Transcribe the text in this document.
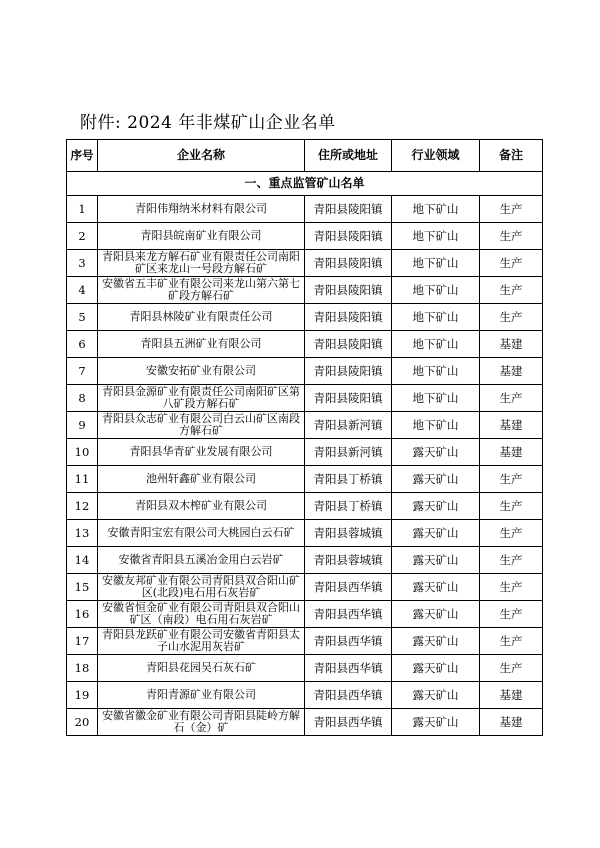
附件: 2024 年非煤矿山企业名单
序号	企业名称	住所或地址	行业领域	备注
一、重点监管矿山名单				
1	青阳伟翔纳米材料有限公司	青阳县陵阳镇	地下矿山	生产
2	青阳县皖南矿业有限公司	青阳县陵阳镇	地下矿山	生产
3	青阳县来龙方解石矿业有限责任公司南阳矿区来龙山一号段方解石矿	青阳县陵阳镇	地下矿山	生产
4	安徽省五丰矿业有限公司来龙山第六第七矿段方解石矿	青阳县陵阳镇	地下矿山	生产
5	青阳县林陵矿业有限责任公司	青阳县陵阳镇	地下矿山	生产
6	青阳县五洲矿业有限公司	青阳县陵阳镇	地下矿山	基建
7	安徽安拓矿业有限公司	青阳县陵阳镇	地下矿山	基建
8	青阳县金源矿业有限责任公司南阳矿区第八矿段方解石矿	青阳县陵阳镇	地下矿山	生产
9	青阳县众志矿业有限公司白云山矿区南段方解石矿	青阳县新河镇	地下矿山	基建
10	青阳县华青矿业发展有限公司	青阳县新河镇	露天矿山	基建
11	池州轩鑫矿业有限公司	青阳县丁桥镇	露天矿山	生产
12	青阳县双木榨矿业有限公司	青阳县丁桥镇	露天矿山	生产
13	安徽青阳宝宏有限公司大桃园白云石矿	青阳县蓉城镇	露天矿山	生产
14	安徽省青阳县五溪冶金用白云岩矿	青阳县蓉城镇	露天矿山	生产
15	安徽友邦矿业有限公司青阳县双合阳山矿区(北段)电石用石灰岩矿	青阳县西华镇	露天矿山	生产
16	安徽省恒金矿业有限公司青阳县双合阳山矿区（南段）电石用石灰岩矿	青阳县西华镇	露天矿山	生产
17	青阳县龙跃矿业有限公司安徽省青阳县太子山水泥用灰岩矿	青阳县西华镇	露天矿山	生产
18	青阳县花园吴石灰石矿	青阳县西华镇	露天矿山	生产
19	青阳青源矿业有限公司	青阳县西华镇	露天矿山	基建
20	安徽省徽金矿业有限公司青阳县陡岭方解石（金）矿	青阳县西华镇	露天矿山	基建
